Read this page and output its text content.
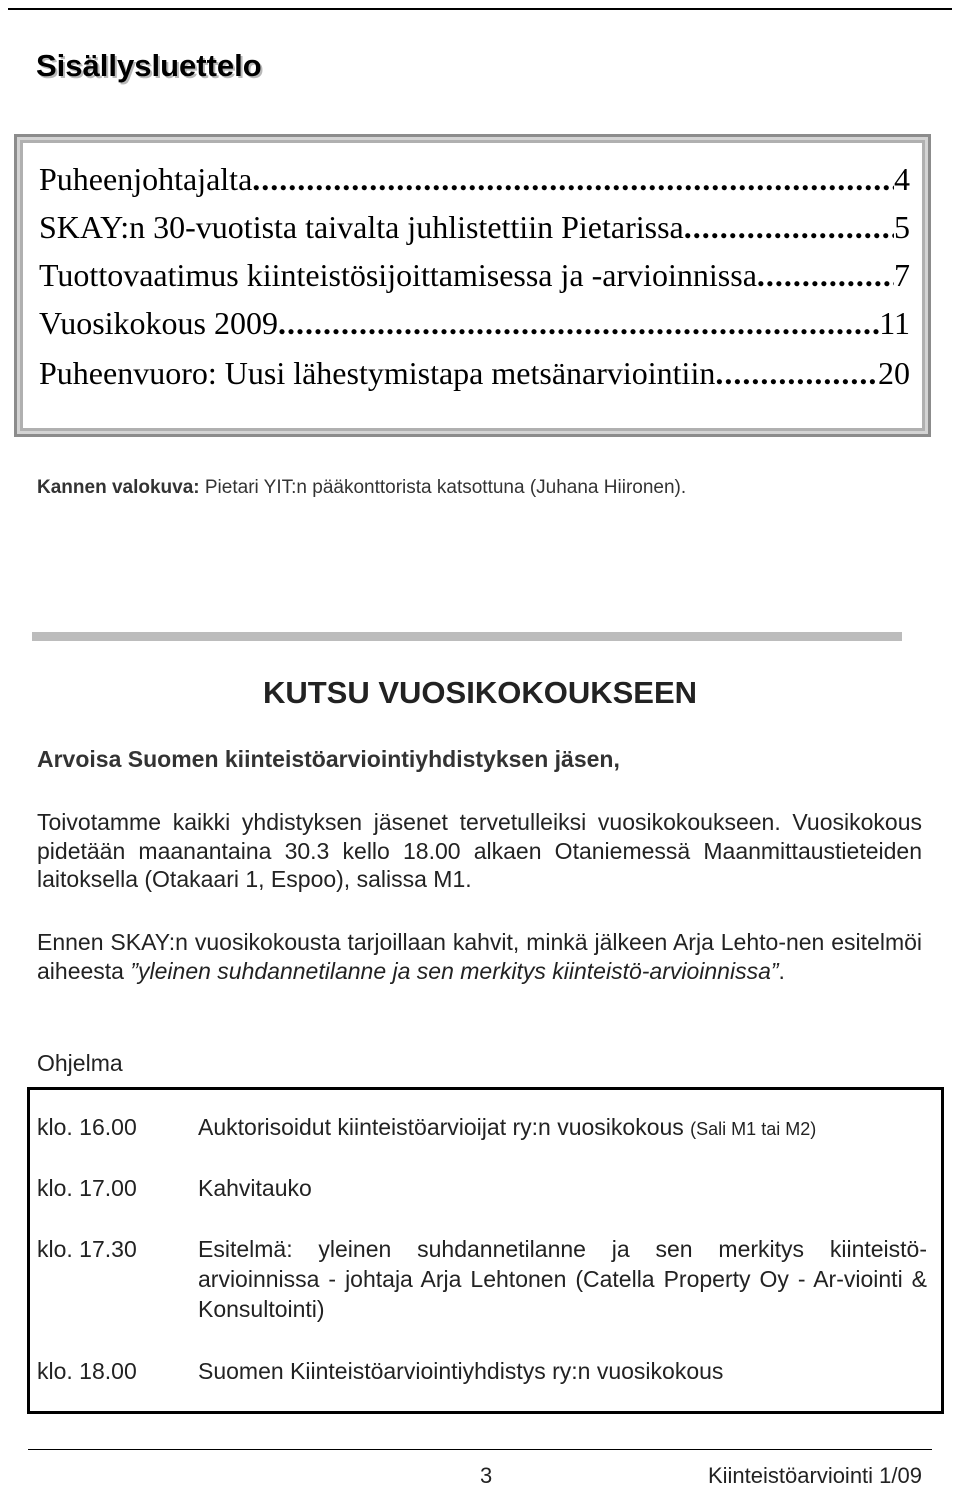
Sisällysluettelo
Puheenjohtajalta .....	4
SKAY:n 30-vuotista taivalta juhlistettiin Pietarissa .....	5
Tuottovaatimus kiinteistösijoittamisessa ja -arvioinnissa .....	7
Vuosikokous 2009 .....	11
Puheenvuoro: Uusi lähestymistapa metsänarviointiin .....	20
Kannen valokuva: Pietari YIT:n pääkonttorista katsottuna (Juhana Hiironen).
KUTSU VUOSIKOKOUKSEEN
Arvoisa Suomen kiinteistöarviointiyhdistyksen jäsen,
Toivotamme kaikki yhdistyksen jäsenet tervetulleiksi vuosikokoukseen. Vuosikokous pidetään maanantaina 30.3 kello 18.00 alkaen Otaniemessä Maanmittaustieteiden laitoksella (Otakaari 1, Espoo), salissa M1.
Ennen SKAY:n vuosikokousta tarjoillaan kahvit, minkä jälkeen Arja Lehto-nen esitelmöi aiheesta ”yleinen suhdannetilanne ja sen merkitys kiinteistö-arvioinnissa”.
Ohjelma
klo. 16.00	Auktorisoidut kiinteistöarvioijat ry:n vuosikokous (Sali M1 tai M2)
klo. 17.00	Kahvitauko
klo. 17.30	Esitelmä: yleinen suhdannetilanne ja sen merkitys kiinteistö-arvioinnissa - johtaja Arja Lehtonen (Catella Property Oy - Ar-viointi & Konsultointi)
klo. 18.00	Suomen Kiinteistöarviointiyhdistys ry:n vuosikokous
3	Kiinteistöarviointi 1/09
